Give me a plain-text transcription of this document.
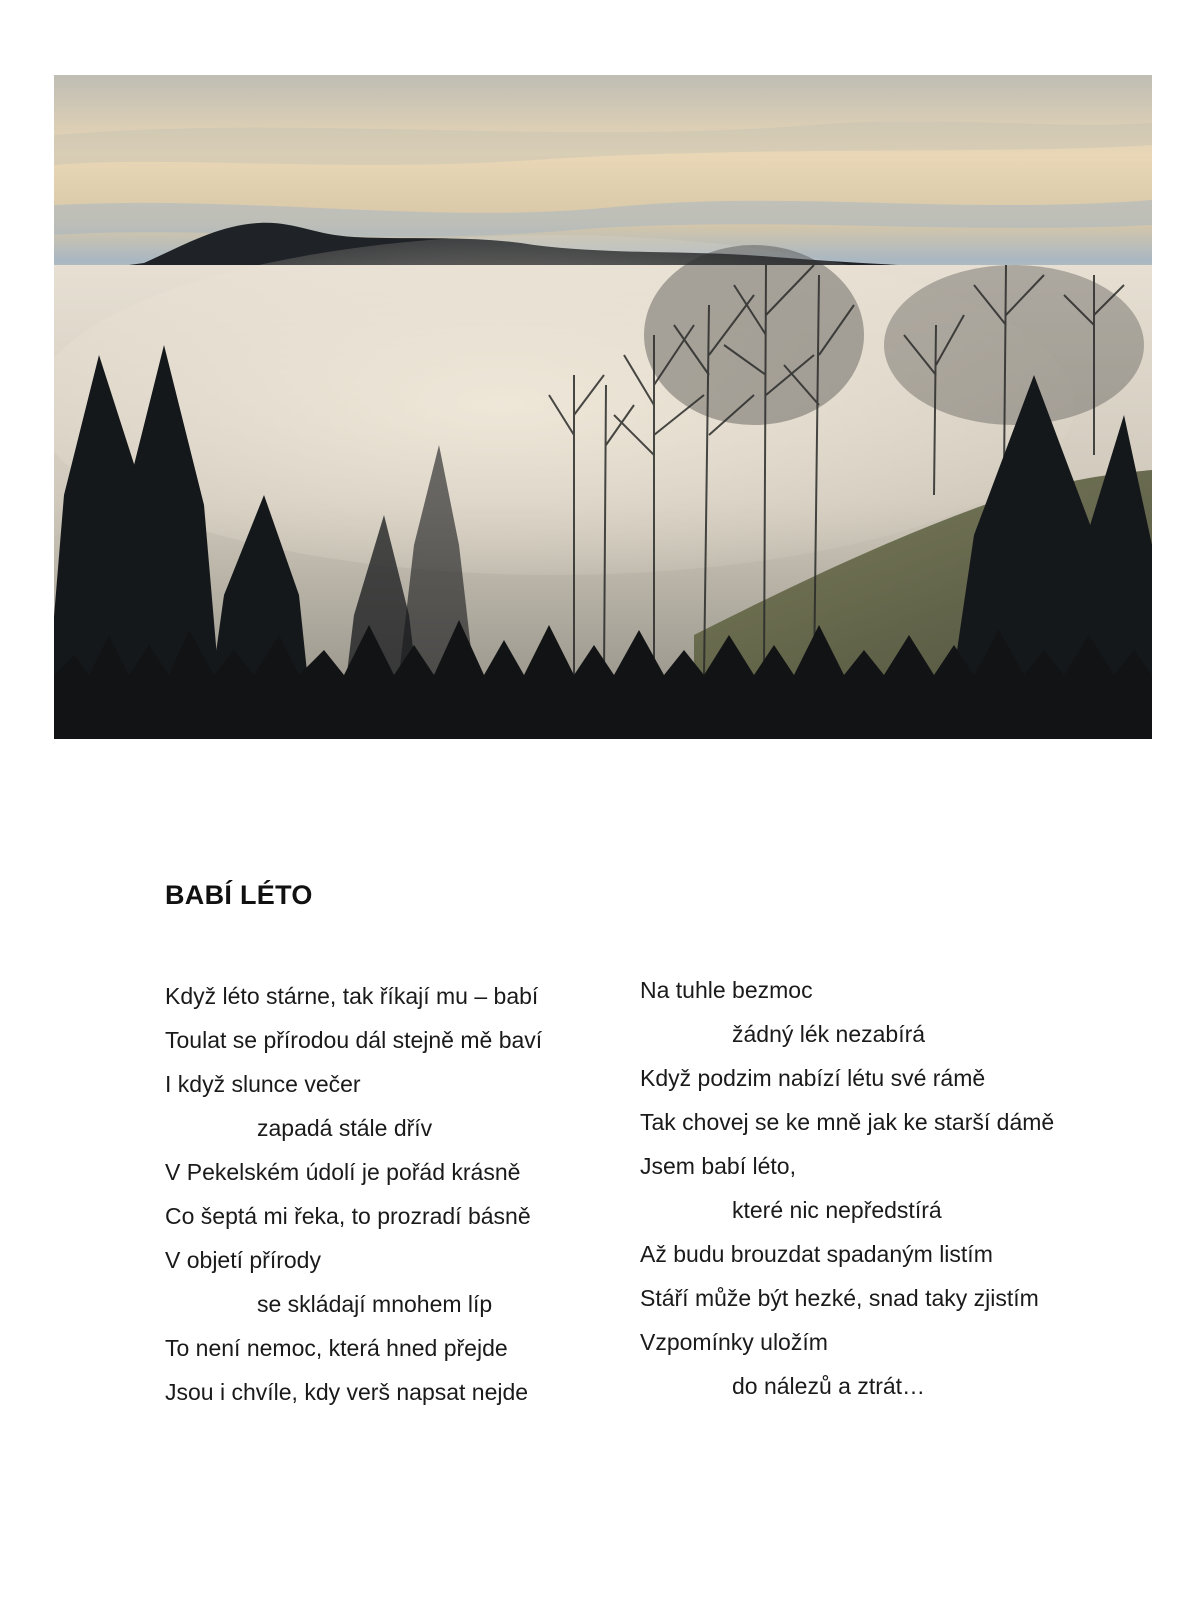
BABÍ LÉTO
Když léto stárne, tak říkají mu – babí
Toulat se přírodou dál stejně mě baví
I když slunce večer
zapadá stále dřív
V Pekelském údolí je pořád krásně
Co šeptá mi řeka, to prozradí básně
V objetí přírody
se skládají mnohem líp
To není nemoc, která hned přejde
Jsou i chvíle, kdy verš napsat nejde
Na tuhle bezmoc
žádný lék nezabírá
Když podzim nabízí létu své rámě
Tak chovej se ke mně jak ke starší dámě
Jsem babí léto,
které nic nepředstírá
Až budu brouzdat spadaným listím
Stáří může být hezké, snad taky zjistím
Vzpomínky uložím
do nálezů a ztrát…
